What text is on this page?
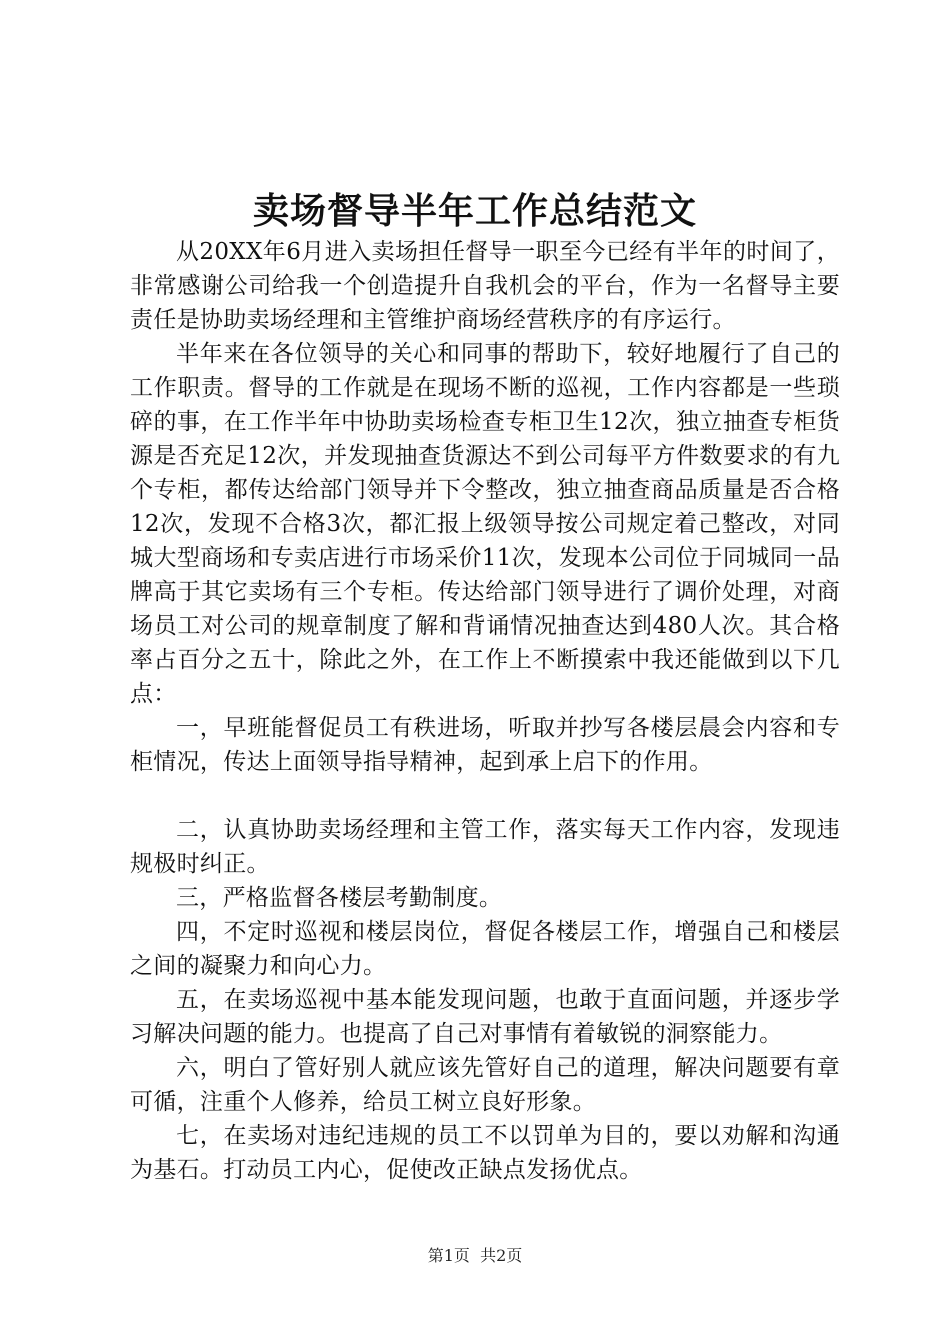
卖场督导半年工作总结范文

从20XX年6月进入卖场担任督导一职至今已经有半年的时间了，非常感谢公司给我一个创造提升自我机会的平台，作为一名督导主要责任是协助卖场经理和主管维护商场经营秩序的有序运行。

半年来在各位领导的关心和同事的帮助下，较好地履行了自己的工作职责。督导的工作就是在现场不断的巡视，工作内容都是一些琐碎的事，在工作半年中协助卖场检查专柜卫生12次，独立抽查专柜货源是否充足12次，并发现抽查货源达不到公司每平方件数要求的有九个专柜，都传达给部门领导并下令整改，独立抽查商品质量是否合格12次，发现不合格3次，都汇报上级领导按公司规定着己整改，对同城大型商场和专卖店进行市场采价11次，发现本公司位于同城同一品牌高于其它卖场有三个专柜。传达给部门领导进行了调价处理，对商场员工对公司的规章制度了解和背诵情况抽查达到480人次。其合格率占百分之五十，除此之外，在工作上不断摸索中我还能做到以下几点：

一，早班能督促员工有秩进场，听取并抄写各楼层晨会内容和专柜情况，传达上面领导指导精神，起到承上启下的作用。

二，认真协助卖场经理和主管工作，落实每天工作内容，发现违规极时纠正。

三，严格监督各楼层考勤制度。

四，不定时巡视和楼层岗位，督促各楼层工作，增强自己和楼层之间的凝聚力和向心力。

五，在卖场巡视中基本能发现问题，也敢于直面问题，并逐步学习解决问题的能力。也提高了自己对事情有着敏锐的洞察能力。

六，明白了管好别人就应该先管好自己的道理，解决问题要有章可循，注重个人修养，给员工树立良好形象。

七，在卖场对违纪违规的员工不以罚单为目的，要以劝解和沟通为基石。打动员工内心，促使改正缺点发扬优点。

第1页  共2页
